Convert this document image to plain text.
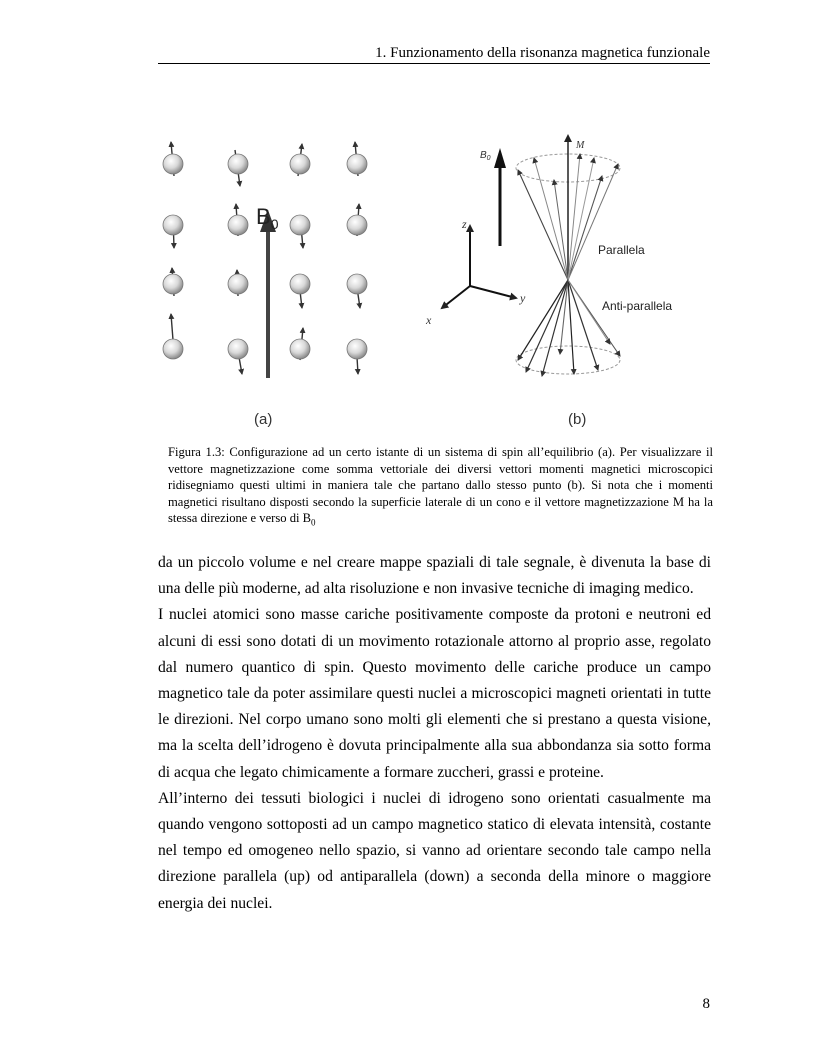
1. Funzionamento della risonanza magnetica funzionale
$B_0$
(a)
$B_0$
z
y
x
M
Parallela
Anti-parallela
(b)

Figura 1.3: Configurazione ad un certo istante di un sistema di spin all’equilibrio (a). Per visualizzare il vettore magnetizzazione come somma vettoriale dei diversi vettori momenti magnetici microscopici ridisegniamo questi ultimi in maniera tale che partano dallo stesso punto (b). Si nota che i momenti magnetici risultano disposti secondo la superficie laterale di un cono e il vettore magnetizzazione M ha la stessa direzione e verso di $B_0$

da un piccolo volume e nel creare mappe spaziali di tale segnale, è divenuta la base di una delle più moderne, ad alta risoluzione e non invasive tecniche di imaging medico.

I nuclei atomici sono masse cariche positivamente composte da protoni e neutroni ed alcuni di essi sono dotati di un movimento rotazionale attorno al proprio asse, regolato dal numero quantico di spin. Questo movimento delle cariche produce un campo magnetico tale da poter assimilare questi nuclei a microscopici magneti orientati in tutte le direzioni. Nel corpo umano sono molti gli elementi che si prestano a questa visione, ma la scelta dell’idrogeno è dovuta principalmente alla sua abbondanza sia sotto forma di acqua che legato chimicamente a formare zuccheri, grassi e proteine.

All’interno dei tessuti biologici i nuclei di idrogeno sono orientati casualmente ma quando vengono sottoposti ad un campo magnetico statico di elevata intensità, costante nel tempo ed omogeneo nello spazio, si vanno ad orientare secondo tale campo nella direzione parallela (up) od antiparallela (down) a seconda della minore o maggiore energia dei nuclei.

8
